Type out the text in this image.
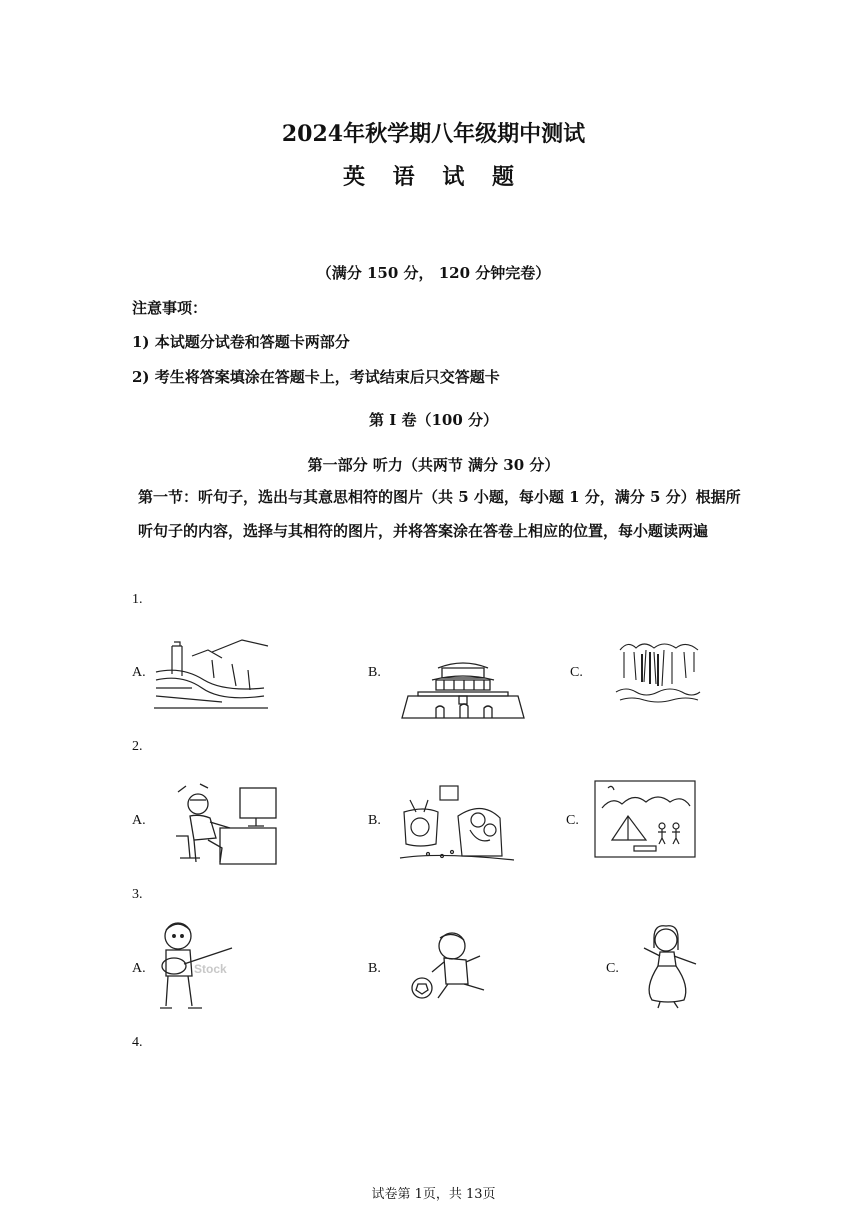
2024年秋学期八年级期中测试
英 语 试 题
（满分 150 分， 120 分钟完卷）
注意事项：
1) 本试题分试卷和答题卡两部分
2) 考生将答案填涂在答题卡上，考试结束后只交答题卡
第 I 卷（100 分）
第一部分 听力（共两节 满分 30 分）
第一节：听句子，选出与其意思相符的图片（共 5 小题，每小题 1 分，满分 5 分）根据所听句子的内容，选择与其相符的图片，并将答案涂在答卷上相应的位置，每小题读两遍
1.
A.	B.	C.
2.
A.	B.	C.
3.
A.	Stock	B.	C.
4.
试卷第 1页，共 13页
